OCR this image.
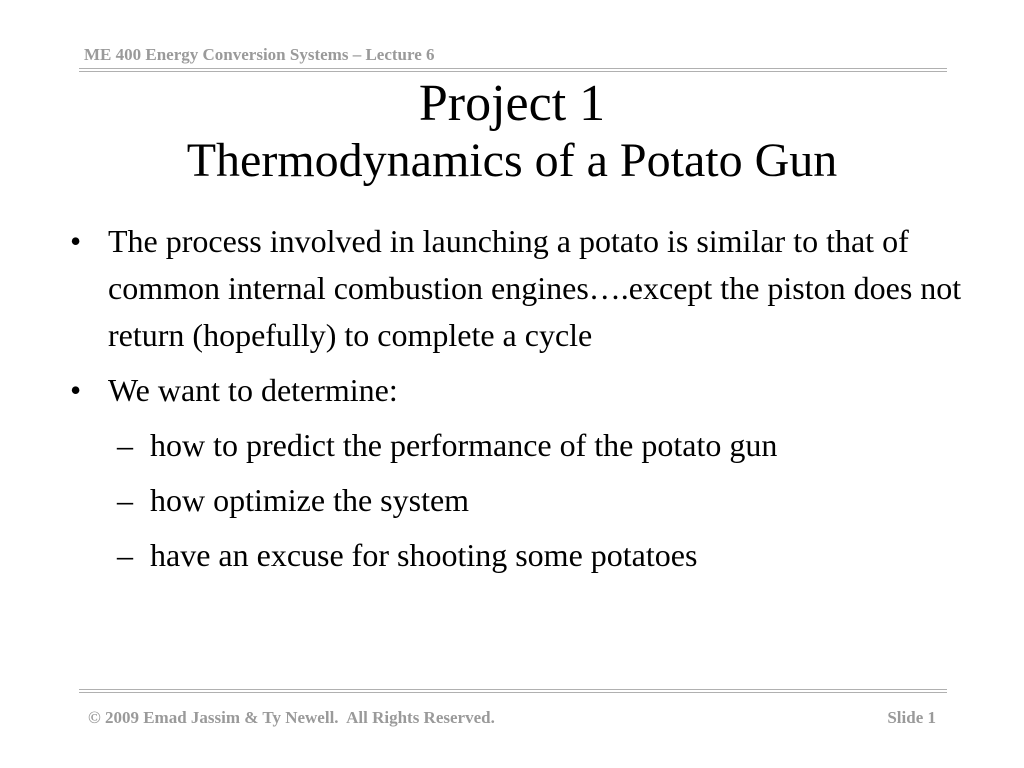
ME 400 Energy Conversion Systems – Lecture 6
Project 1
Thermodynamics of a Potato Gun
• The process involved in launching a potato is similar to that of common internal combustion engines….except the piston does not return (hopefully) to complete a cycle
• We want to determine:
– how to predict the performance of the potato gun
– how optimize the system
– have an excuse for shooting some potatoes
© 2009 Emad Jassim & Ty Newell.  All Rights Reserved.	Slide 1
